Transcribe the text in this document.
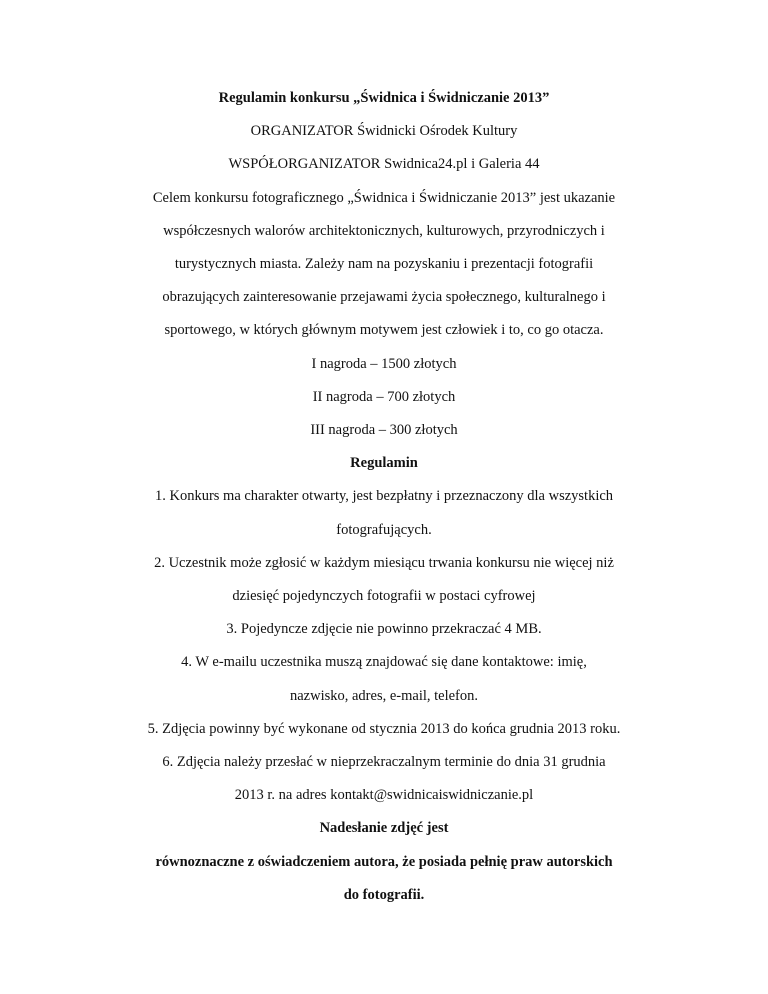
Regulamin konkursu „Świdnica i Świdniczanie 2013”
ORGANIZATOR Świdnicki Ośrodek Kultury
WSPÓŁORGANIZATOR Swidnica24.pl i Galeria 44
Celem konkursu fotograficznego „Świdnica i Świdniczanie 2013” jest ukazanie
współczesnych walorów architektonicznych, kulturowych, przyrodniczych i
turystycznych miasta. Zależy nam na pozyskaniu i prezentacji fotografii
obrazujących zainteresowanie przejawami życia społecznego, kulturalnego i
sportowego, w których głównym motywem jest człowiek i to, co go otacza.
I nagroda – 1500 złotych
II nagroda – 700 złotych
III nagroda – 300 złotych
Regulamin
1. Konkurs ma charakter otwarty, jest bezpłatny i przeznaczony dla wszystkich
fotografujących.
2. Uczestnik może zgłosić w każdym miesiącu trwania konkursu nie więcej niż
dziesięć pojedynczych fotografii w postaci cyfrowej
3. Pojedyncze zdjęcie nie powinno przekraczać 4 MB.
4. W e-mailu uczestnika muszą znajdować się dane kontaktowe: imię,
nazwisko, adres, e-mail, telefon.
5. Zdjęcia powinny być wykonane od stycznia 2013 do końca grudnia 2013 roku.
6. Zdjęcia należy przesłać w nieprzekraczalnym terminie do dnia 31 grudnia
2013 r. na adres kontakt@swidnicaiswidniczanie.pl
Nadesłanie zdjęć jest
równoznaczne z oświadczeniem autora, że posiada pełnię praw autorskich
do fotografii.
